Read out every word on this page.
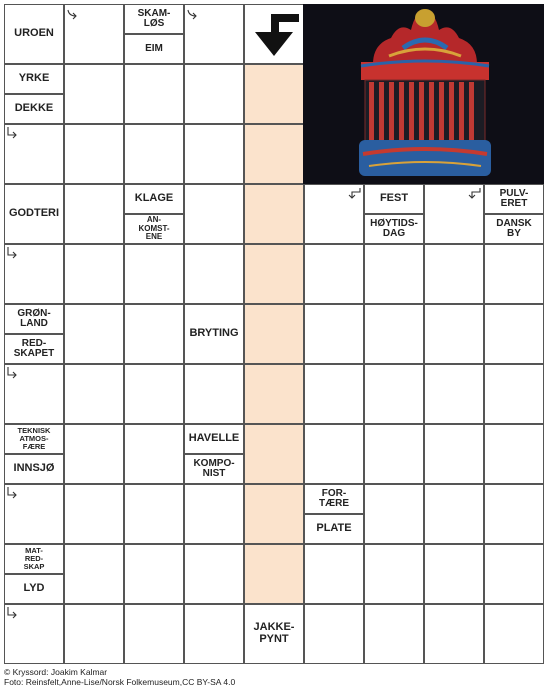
UROEN
SKAM-
LØS
EIM
YRKE
DEKKE
GODTERI
KLAGE
AN-
KOMST-
ENE
FEST
HØYTIDS-
DAG
PULV-
ERET
DANSK
BY
GRØN-
LAND
RED-
SKAPET
BRYTING
TEKNISK
ATMOS-
FÆRE
INNSJØ
HAVELLE
KOMPO-
NIST
FOR-
TÆRE
PLATE
MAT-
RED-
SKAP
LYD
JAKKE-
PYNT
© Kryssord: Joakim Kalmar
Foto: Reinsfelt,Anne-Lise/Norsk Folkemuseum,CC BY-SA 4.0
